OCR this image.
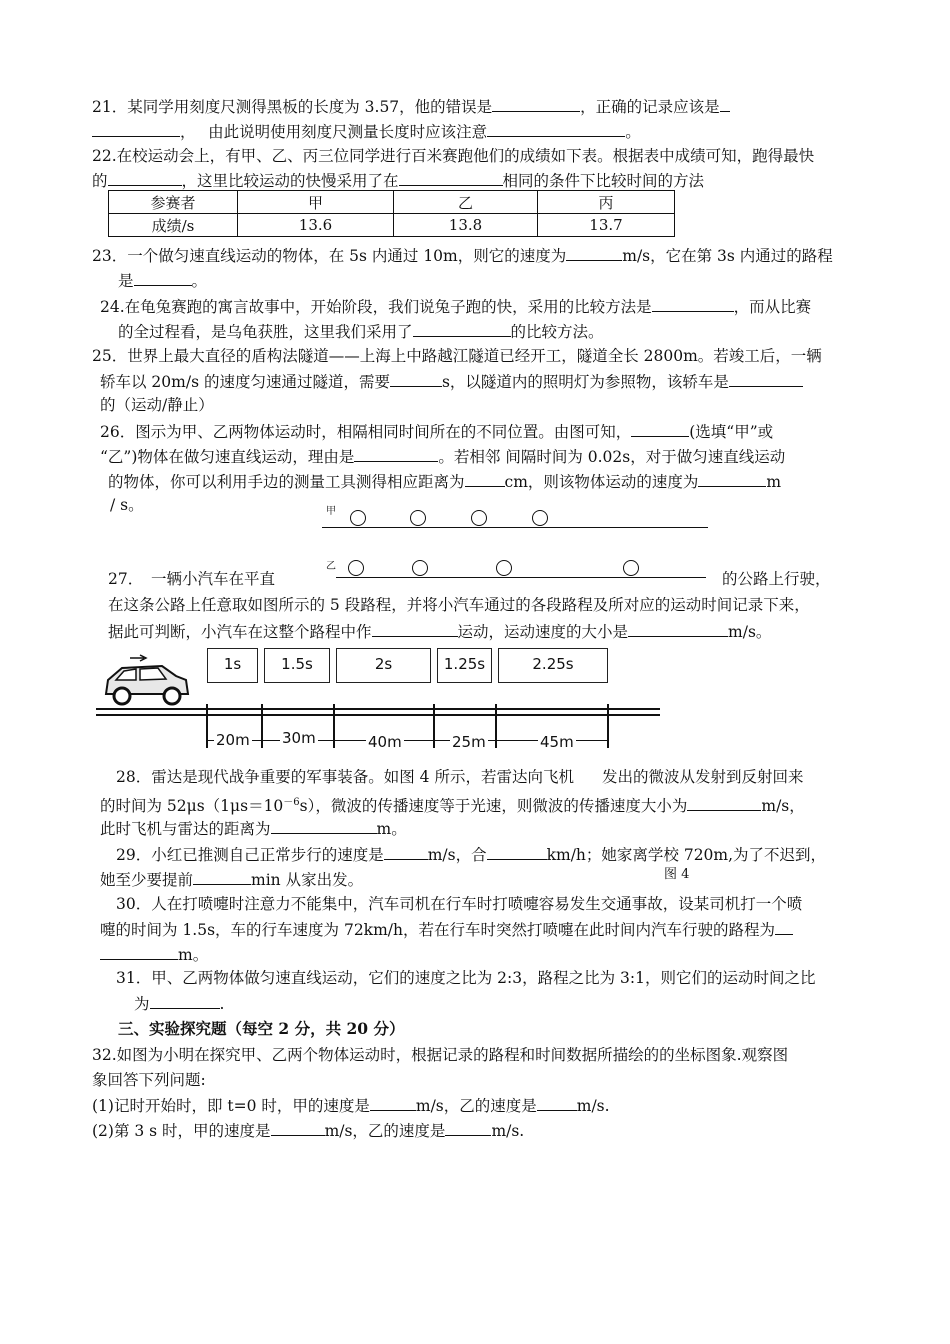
21．某同学用刻度尺测得黑板的长度为 3.57，他的错误是	，正确的记录应该是
，　 由此说明使用刻度尺测量长度时应该注意	。
22.在校运动会上，有甲、乙、丙三位同学进行百米赛跑他们的成绩如下表。根据表中成绩可知，跑得最快
的	，这里比较运动的快慢采用了在	相同的条件下比较时间的方法
参赛者	甲	乙	丙
成绩/s	13.6	13.8	13.7
23．一个做匀速直线运动的物体，在 5s 内通过 10m，则它的速度为	m/s，它在第 3s 内通过的路程
是	。
24.在龟兔赛跑的寓言故事中，开始阶段，我们说兔子跑的快，采用的比较方法是	，而从比赛
的全过程看，是乌龟获胜，这里我们采用了	的比较方法。
25．世界上最大直径的盾构法隧道——上海上中路越江隧道已经开工，隧道全长 2800m。若竣工后，一辆
轿车以 20m/s 的速度匀速通过隧道，需要	s，以隧道内的照明灯为参照物，该轿车是
的（运动/静止）
26．图示为甲、乙两物体运动时，相隔相同时间所在的不同位置。由图可知，	(选填“甲”或
“乙”)物体在做匀速直线运动，理由是	。若相邻 间隔时间为 0.02s，对于做匀速直线运动
的物体，你可以利用手边的测量工具测得相应距离为	cm，则该物体运动的速度为	m
/ s。	甲
乙
27．　一辆小汽车在平直	的公路上行驶，
在这条公路上任意取如图所示的 5 段路程，并将小汽车通过的各段路程及所对应的运动时间记录下来，
据此可判断，小汽车在这整个路程中作	运动，运动速度的大小是	m/s。
1s	1.5s	2s	1.25s	2.25s
20m 30m	40m	25m	45m
28．雷达是现代战争重要的军事装备。如图 4 所示，若雷达向飞机 发出的微波从发射到反射回来
的时间为 $52\mu s(1\mu s=10^{-6}s)$，微波的传播速度等于光速，则微波的传播速度大小为	m/s，
此时飞机与雷达的距离为	m。
29．小红已推测自己正常步行的速度是	m/s，合	km/h；她家离学校 720m,为了不迟到，
她至少要提前	min 从家出发。	图 4
30．人在打喷嚏时注意力不能集中，汽车司机在行车时打喷嚏容易发生交通事故，设某司机打一个喷
嚏的时间为 1.5s，车的行车速度为 72km/h，若在行车时突然打喷嚏在此时间内汽车行驶的路程为
m。
31．甲、乙两物体做匀速直线运动，它们的速度之比为 2:3，路程之比为 3:1，则它们的运动时间之比
为	.
三、实验探究题（每空 2 分，共 20 分）
32.如图为小明在探究甲、乙两个物体运动时，根据记录的路程和时间数据所描绘的的坐标图象.观察图
象回答下列问题:
(1)记时开始时，即 t=0 时，甲的速度是	m/s，乙的速度是	m/s.
(2)第 3 s 时，甲的速度是	m/s，乙的速度是	m/s.
